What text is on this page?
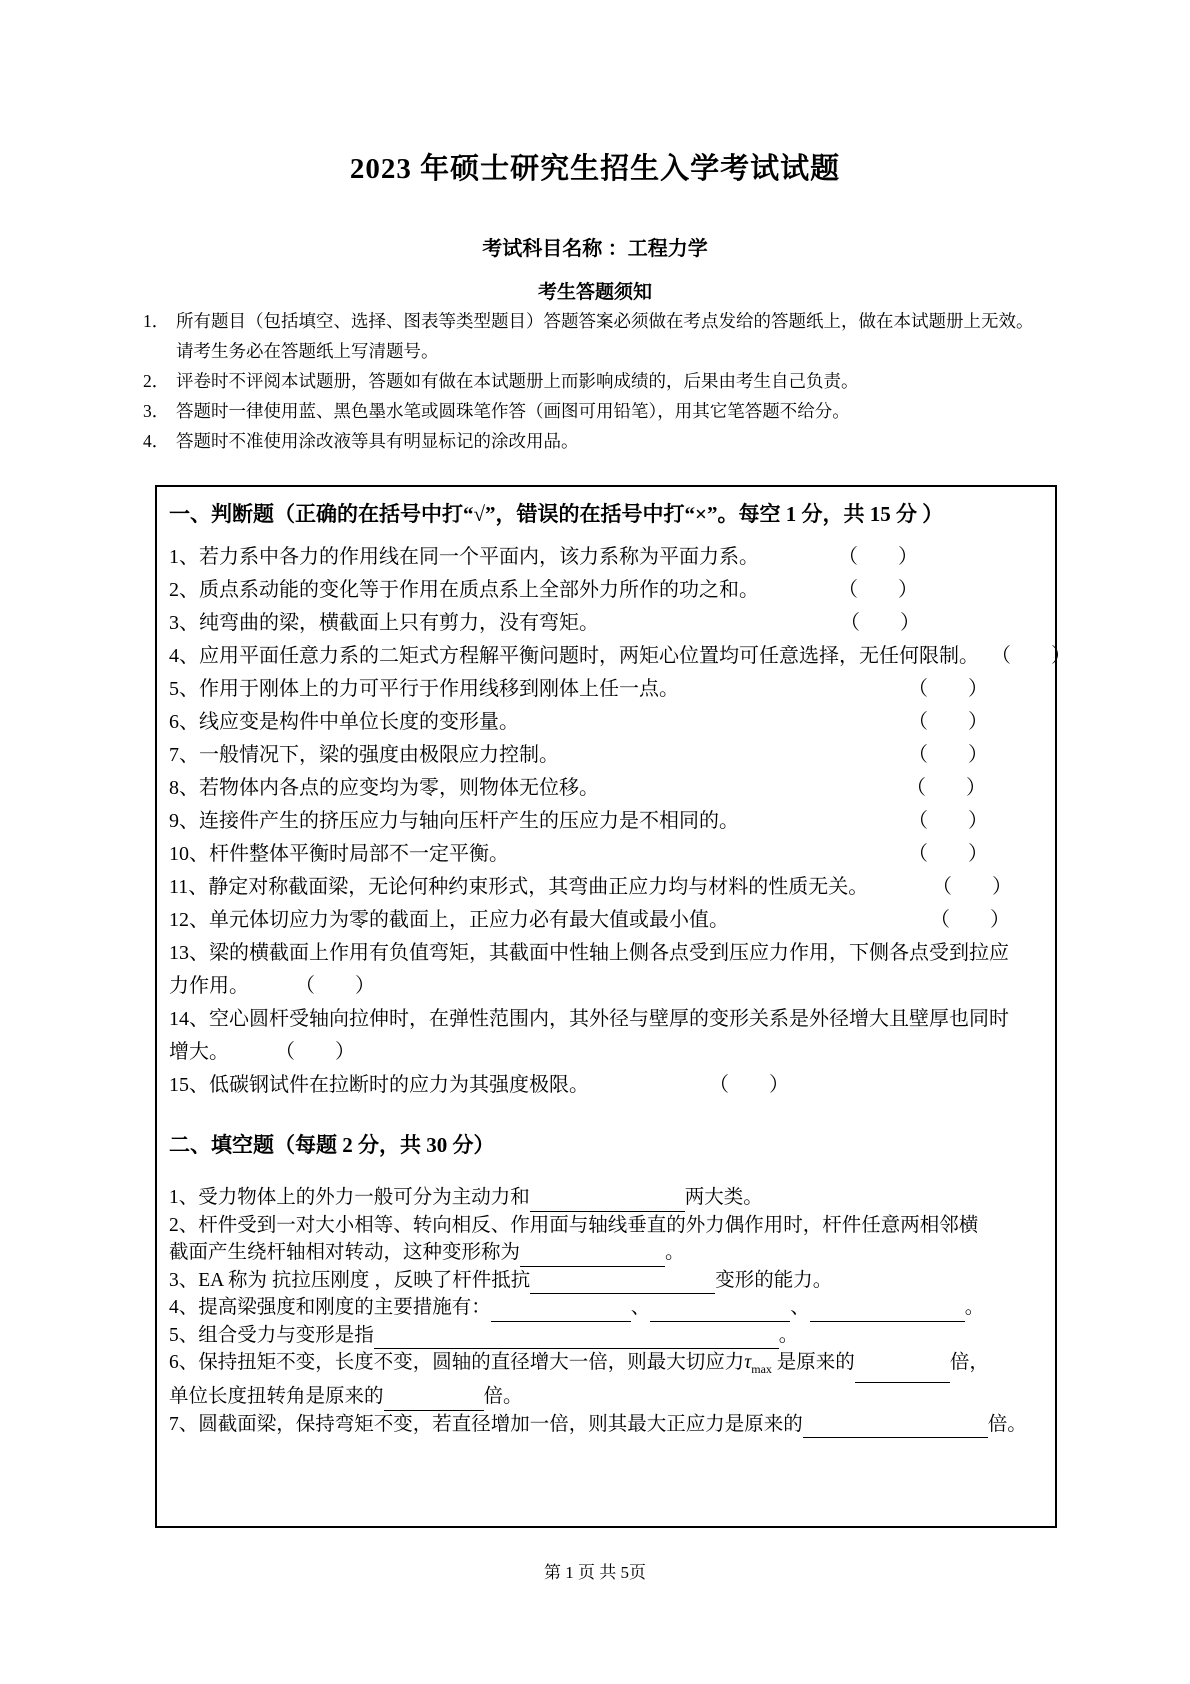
2023 年硕士研究生招生入学考试试题
考试科目名称 ：工程力学
考生答题须知
1． 所有题目（包括填空、选择、图表等类型题目）答题答案必须做在考点发给的答题纸上，做在本试题册上无效。请考生务必在答题纸上写清题号。
2． 评卷时不评阅本试题册，答题如有做在本试题册上而影响成绩的，后果由考生自己负责。
3． 答题时一律使用蓝、黑色墨水笔或圆珠笔作答（画图可用铅笔），用其它笔答题不给分。
4． 答题时不准使用涂改液等具有明显标记的涂改用品。
一、判断题（正确的在括号中打“√”，错误的在括号中打“×”。每空 1 分，共 15 分 ）
1、若力系中各力的作用线在同一个平面内，该力系称为平面力系。	（　　）
2、质点系动能的变化等于作用在质点系上全部外力所作的功之和。	（　　）
3、纯弯曲的梁，横截面上只有剪力，没有弯矩。	（　　）
4、应用平面任意力系的二矩式方程解平衡问题时，两矩心位置均可任意选择，无任何限制。 （　　）
5、作用于刚体上的力可平行于作用线移到刚体上任一点。	（　　）
6、线应变是构件中单位长度的变形量。	（　　）
7、一般情况下，梁的强度由极限应力控制。	（　　）
8、若物体内各点的应变均为零，则物体无位移。	（　　）
9、连接件产生的挤压应力与轴向压杆产生的压应力是不相同的。	（　　）
10、杆件整体平衡时局部不一定平衡。	（　　）
11、静定对称截面梁，无论何种约束形式，其弯曲正应力均与材料的性质无关。	（　　）
12、单元体切应力为零的截面上，正应力必有最大值或最小值。	（　　）
13、梁的横截面上作用有负值弯矩，其截面中性轴上侧各点受到压应力作用，下侧各点受到拉应力作用。	（　　）
14、空心圆杆受轴向拉伸时，在弹性范围内，其外径与壁厚的变形关系是外径增大且壁厚也同时增大。	（　　）
15、低碳钢试件在拉断时的应力为其强度极限。	（　　）
二、填空题（每题 2 分，共 30 分）
1、受力物体上的外力一般可分为主动力和	两大类。
2、杆件受到一对大小相等、转向相反、作用面与轴线垂直的外力偶作用时，杆件任意两相邻横
截面产生绕杆轴相对转动，这种变形称为	。
3、EA 称为 抗拉压刚度 ，反映了杆件抵抗	变形的能力。
4、提高梁强度和刚度的主要措施有：	、	、	。
5、组合受力与变形是指	。
6、保持扭矩不变，长度不变，圆轴的直径增大一倍，则最大切应力$\tau_{max}$ 是原来的	倍，
单位长度扭转角是原来的	倍。
7、圆截面梁，保持弯矩不变，若直径增加一倍，则其最大正应力是原来的	倍。
第 1 页 共 5页
